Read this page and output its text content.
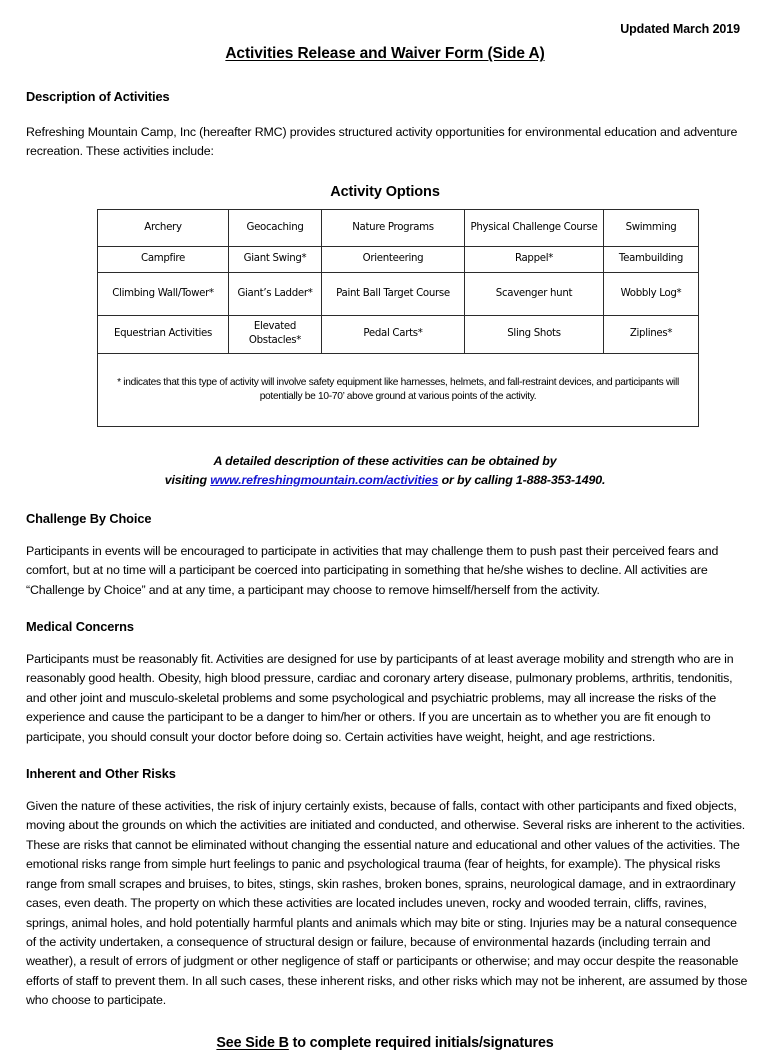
Updated March 2019
Activities Release and Waiver Form (Side A)
Description of Activities
Refreshing Mountain Camp, Inc (hereafter RMC) provides structured activity opportunities for environmental education and adventure recreation. These activities include:
Activity Options
Archery	Geocaching	Nature Programs	Physical Challenge Course	Swimming
Campfire	Giant Swing*	Orienteering	Rappel*	Teambuilding
Climbing Wall/Tower*	Giant’s Ladder*	Paint Ball Target Course	Scavenger hunt	Wobbly Log*
Equestrian Activities	Elevated Obstacles*	Pedal Carts*	Sling Shots	Ziplines*
* indicates that this type of activity will involve safety equipment like harnesses, helmets, and fall-restraint devices, and participants will potentially be 10-70’ above ground at various points of the activity.				
A detailed description of these activities can be obtained by
visiting www.refreshingmountain.com/activities or by calling 1-888-353-1490.
Challenge By Choice
Participants in events will be encouraged to participate in activities that may challenge them to push past their perceived fears and comfort, but at no time will a participant be coerced into participating in something that he/she wishes to decline. All activities are “Challenge by Choice” and at any time, a participant may choose to remove himself/herself from the activity.
Medical Concerns
Participants must be reasonably fit. Activities are designed for use by participants of at least average mobility and strength who are in reasonably good health. Obesity, high blood pressure, cardiac and coronary artery disease, pulmonary problems, arthritis, tendonitis, and other joint and musculo-skeletal problems and some psychological and psychiatric problems, may all increase the risks of the experience and cause the participant to be a danger to him/her or others. If you are uncertain as to whether you are fit enough to participate, you should consult your doctor before doing so. Certain activities have weight, height, and age restrictions.
Inherent and Other Risks
Given the nature of these activities, the risk of injury certainly exists, because of falls, contact with other participants and fixed objects, moving about the grounds on which the activities are initiated and conducted, and otherwise. Several risks are inherent to the activities. These are risks that cannot be eliminated without changing the essential nature and educational and other values of the activities. The emotional risks range from simple hurt feelings to panic and psychological trauma (fear of heights, for example). The physical risks range from small scrapes and bruises, to bites, stings, skin rashes, broken bones, sprains, neurological damage, and in extraordinary cases, even death. The property on which these activities are located includes uneven, rocky and wooded terrain, cliffs, ravines, springs, animal holes, and hold potentially harmful plants and animals which may bite or sting. Injuries may be a natural consequence of the activity undertaken, a consequence of structural design or failure, because of environmental hazards (including terrain and weather), a result of errors of judgment or other negligence of staff or participants or otherwise; and may occur despite the reasonable efforts of staff to prevent them. In all such cases, these inherent risks, and other risks which may not be inherent, are assumed by those who choose to participate.
See Side B to complete required initials/signatures
